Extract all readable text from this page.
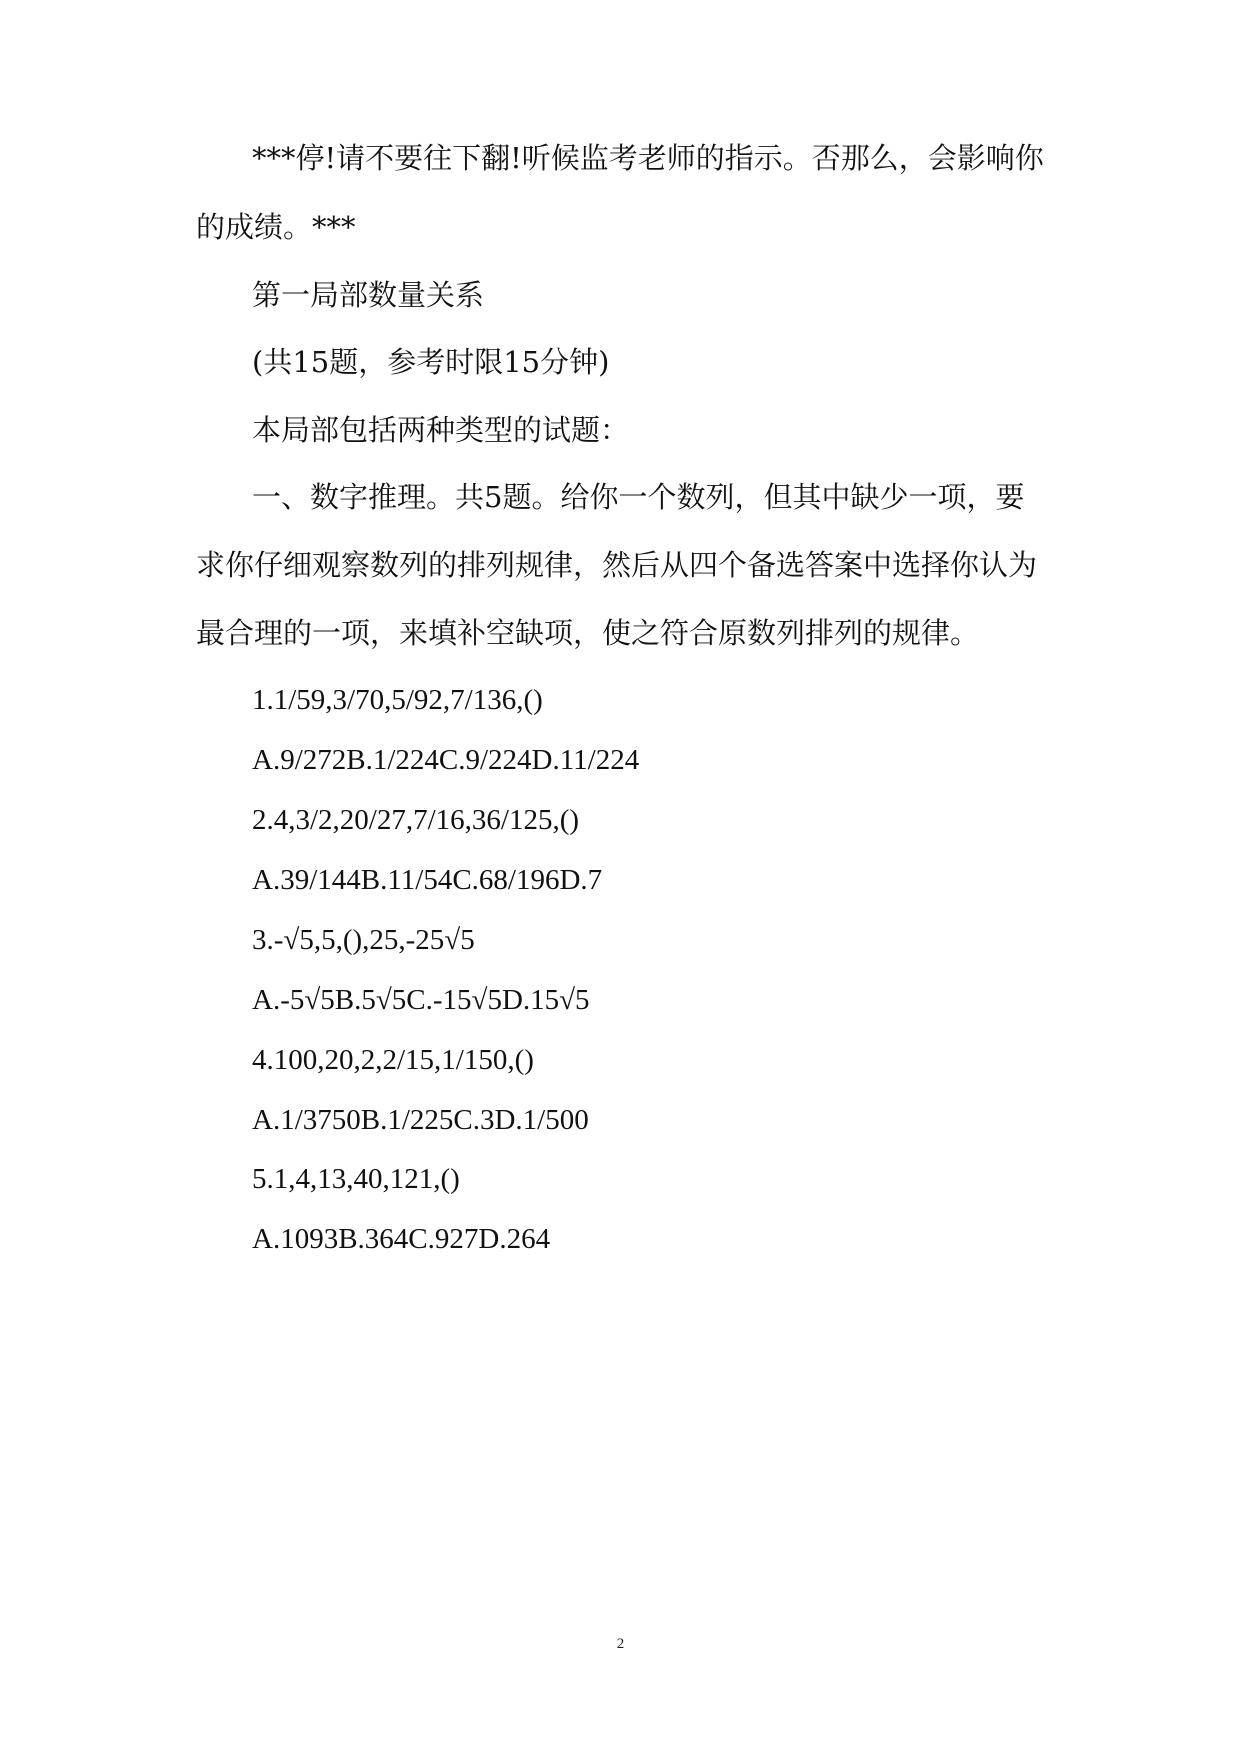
***停!请不要往下翻!听候监考老师的指示。否那么，会影响你
的成绩。***
第一局部数量关系
(共15题，参考时限15分钟)
本局部包括两种类型的试题：
一、数字推理。共5题。给你一个数列，但其中缺少一项，要
求你仔细观察数列的排列规律，然后从四个备选答案中选择你认为
最合理的一项，来填补空缺项，使之符合原数列排列的规律。
1.1/59,3/70,5/92,7/136,()
A.9/272B.1/224C.9/224D.11/224
2.4,3/2,20/27,7/16,36/125,()
A.39/144B.11/54C.68/196D.7
3.-√5,5,(),25,-25√5
A.-5√5B.5√5C.-15√5D.15√5
4.100,20,2,2/15,1/150,()
A.1/3750B.1/225C.3D.1/500
5.1,4,13,40,121,()
A.1093B.364C.927D.264
2
